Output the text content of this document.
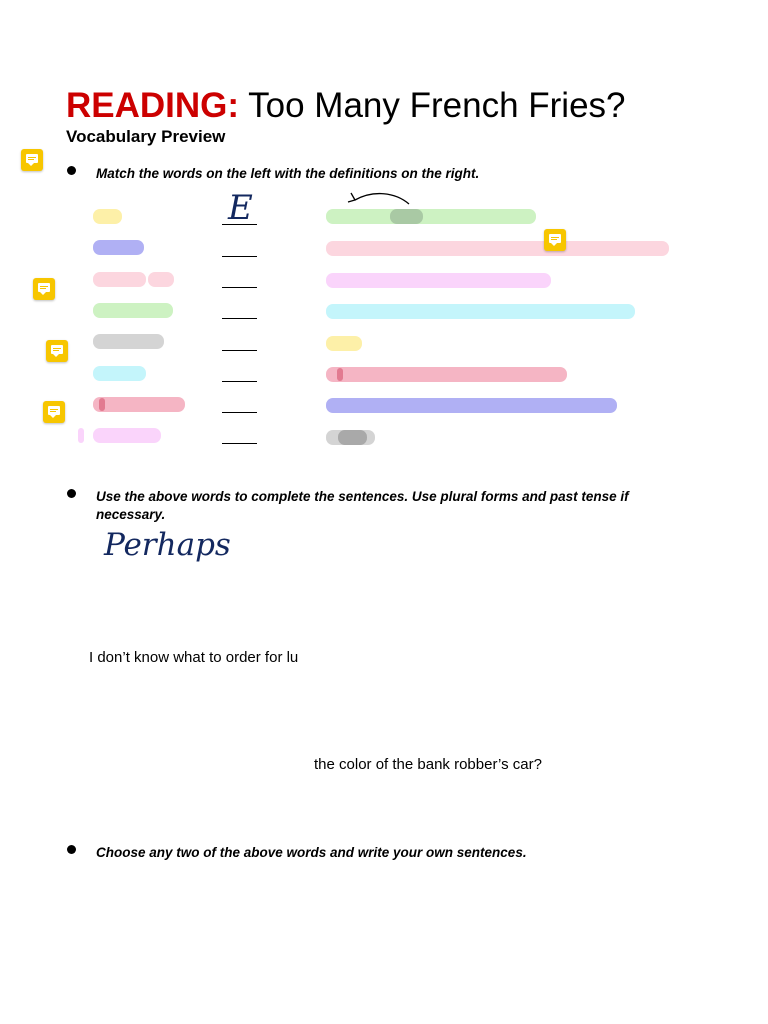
READING: Too Many French Fries?
Vocabulary Preview
Match the words on the left with the definitions on the right.
E
Use the above words to complete the sentences. Use plural forms and past tense if necessary.
Perhaps
I don’t know what to order for lu
the color of the bank robber’s car?
Choose any two of the above words and write your own sentences.
